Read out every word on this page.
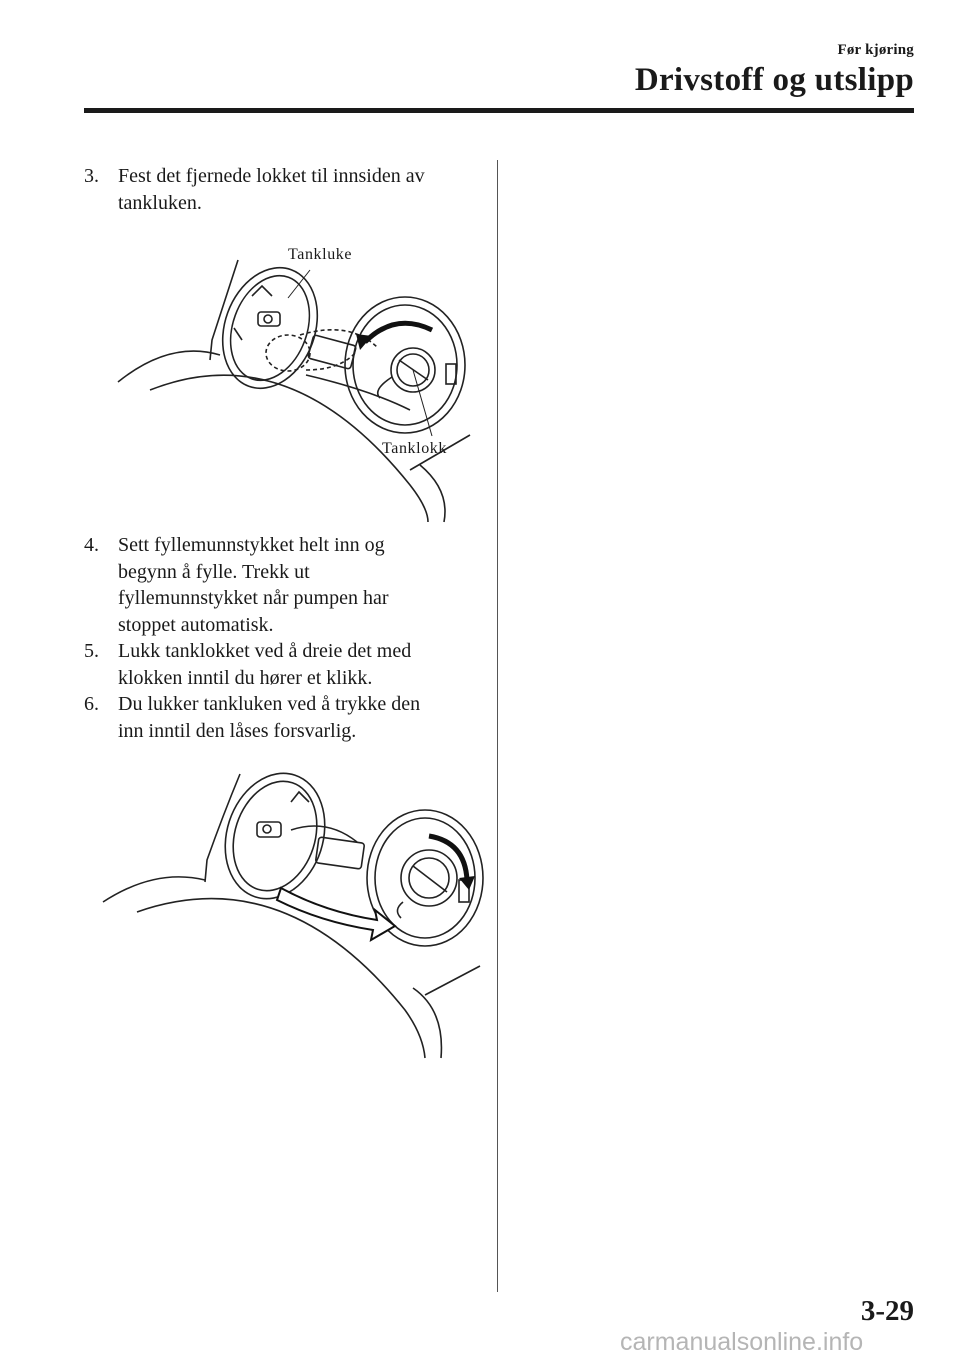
Før kjøring
Drivstoff og utslipp
3. Fest det fjernede lokket til innsiden av
tankluken.
Tankluke
Tanklokk
4. Sett fyllemunnstykket helt inn og
begynn å fylle. Trekk ut
fyllemunnstykket når pumpen har
stoppet automatisk.
5. Lukk tanklokket ved å dreie det med
klokken inntil du hører et klikk.
6. Du lukker tankluken ved å trykke den
inn inntil den låses forsvarlig.
3-29
carmanualsonline.info
